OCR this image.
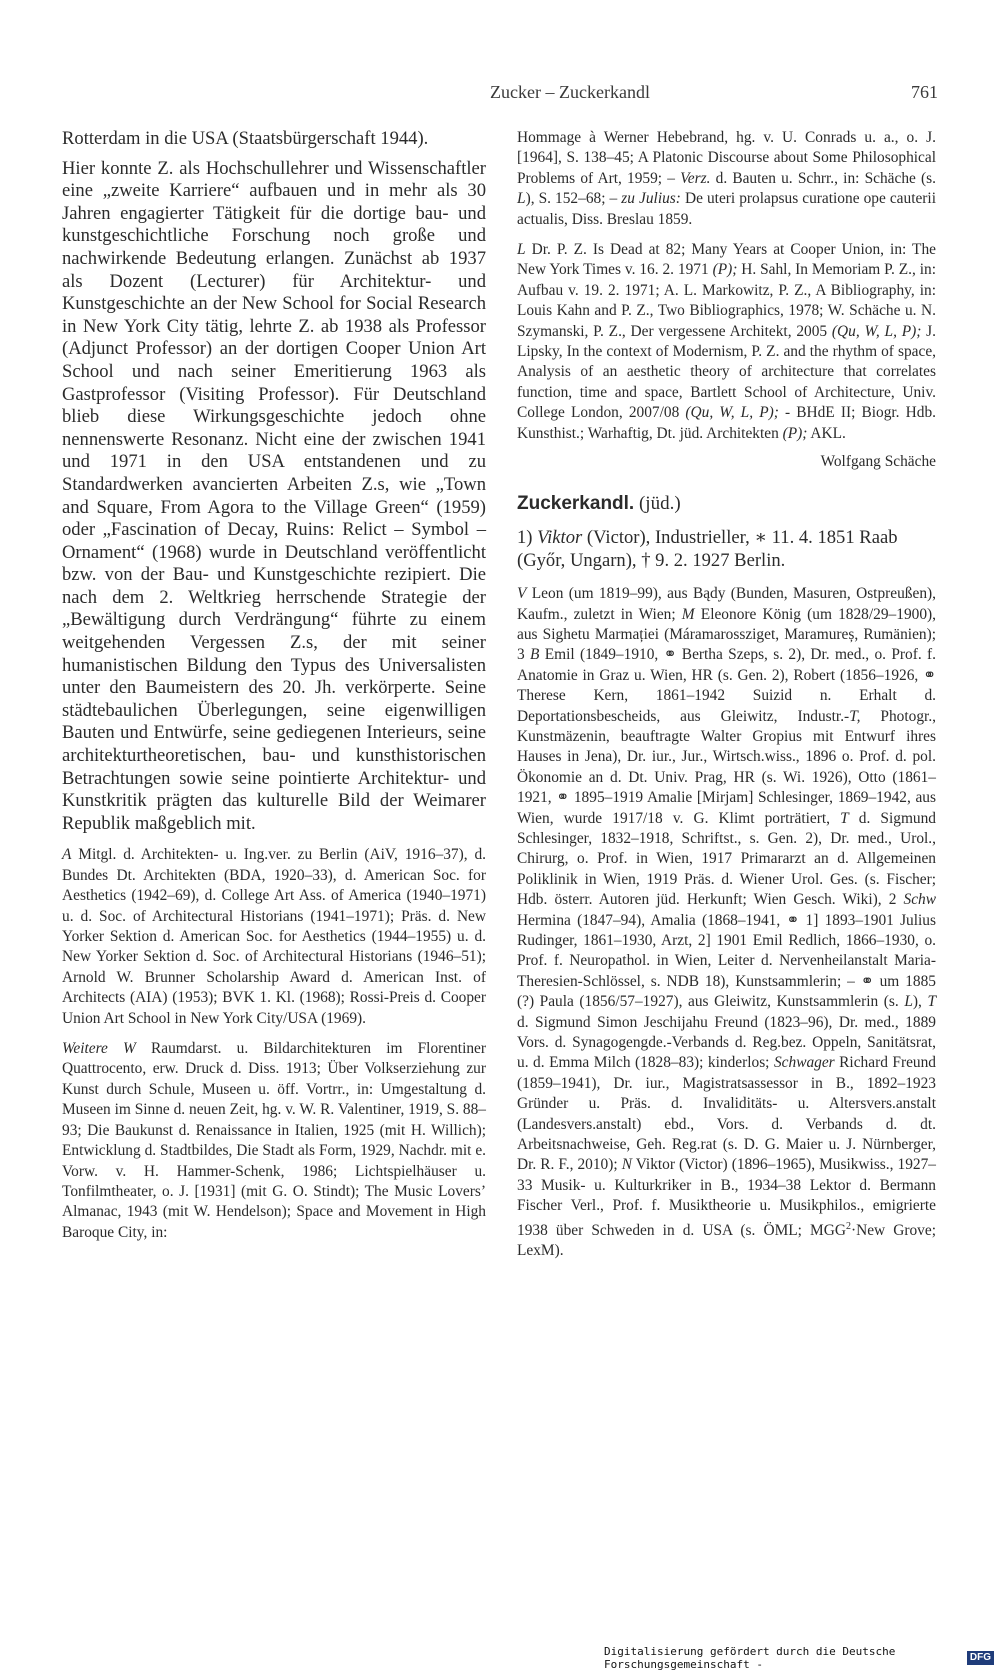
Zucker – Zuckerkandl	761

Rotterdam in die USA (Staatsbürgerschaft 1944).

Hier konnte Z. als Hochschullehrer und Wissenschaftler eine „zweite Karriere“ aufbauen und in mehr als 30 Jahren engagierter Tätigkeit für die dortige bau- und kunstgeschichtliche Forschung noch große und nachwirkende Bedeutung erlangen. Zunächst ab 1937 als Dozent (Lecturer) für Architektur- und Kunstgeschichte an der New School for Social Research in New York City tätig, lehrte Z. ab 1938 als Professor (Adjunct Professor) an der dortigen Cooper Union Art School und nach seiner Emeritierung 1963 als Gastprofessor (Visiting Professor). Für Deutschland blieb diese Wirkungsgeschichte jedoch ohne nennenswerte Resonanz. Nicht eine der zwischen 1941 und 1971 in den USA entstandenen und zu Standardwerken avancierten Arbeiten Z.s, wie „Town and Square, From Agora to the Village Green“ (1959) oder „Fascination of Decay, Ruins: Relict – Symbol – Ornament“ (1968) wurde in Deutschland veröffentlicht bzw. von der Bau- und Kunstgeschichte rezipiert. Die nach dem 2. Weltkrieg herrschende Strategie der „Bewältigung durch Verdrängung“ führte zu einem weitgehenden Vergessen Z.s, der mit seiner humanistischen Bildung den Typus des Universalisten unter den Baumeistern des 20. Jh. verkörperte. Seine städtebaulichen Überlegungen, seine eigenwilligen Bauten und Entwürfe, seine gediegenen Interieurs, seine architekturtheoretischen, bau- und kunsthistorischen Betrachtungen sowie seine pointierte Architektur- und Kunstkritik prägten das kulturelle Bild der Weimarer Republik maßgeblich mit.

A Mitgl. d. Architekten- u. Ing.ver. zu Berlin (AiV, 1916–37), d. Bundes Dt. Architekten (BDA, 1920–33), d. American Soc. for Aesthetics (1942–69), d. College Art Ass. of America (1940–1971) u. d. Soc. of Architectural Historians (1941–1971); Präs. d. New Yorker Sektion d. American Soc. for Aesthetics (1944–1955) u. d. New Yorker Sektion d. Soc. of Architectural Historians (1946–51); Arnold W. Brunner Scholarship Award d. American Inst. of Architects (AIA) (1953); BVK 1. Kl. (1968); Rossi-Preis d. Cooper Union Art School in New York City/USA (1969).

Weitere W Raumdarst. u. Bildarchitekturen im Florentiner Quattrocento, erw. Druck d. Diss. 1913; Über Volkserziehung zur Kunst durch Schule, Museen u. öff. Vortrr., in: Umgestaltung d. Museen im Sinne d. neuen Zeit, hg. v. W. R. Valentiner, 1919, S. 88–93; Die Baukunst d. Renaissance in Italien, 1925 (mit H. Willich); Entwicklung d. Stadtbildes, Die Stadt als Form, 1929, Nachdr. mit e. Vorw. v. H. Hammer-Schenk, 1986; Lichtspielhäuser u. Tonfilmtheater, o. J. [1931] (mit G. O. Stindt); The Music Lovers’ Almanac, 1943 (mit W. Hendelson); Space and Movement in High Baroque City, in:

Hommage à Werner Hebebrand, hg. v. U. Conrads u. a., o. J. [1964], S. 138–45; A Platonic Discourse about Some Philosophical Problems of Art, 1959; – Verz. d. Bauten u. Schrr., in: Schäche (s. L), S. 152–68; – zu Julius: De uteri prolapsus curatione ope cauterii actualis, Diss. Breslau 1859.

L Dr. P. Z. Is Dead at 82; Many Years at Cooper Union, in: The New York Times v. 16. 2. 1971 (P); H. Sahl, In Memoriam P. Z., in: Aufbau v. 19. 2. 1971; A. L. Markowitz, P. Z., A Bibliography, in: Louis Kahn and P. Z., Two Bibliographics, 1978; W. Schäche u. N. Szymanski, P. Z., Der vergessene Architekt, 2005 (Qu, W, L, P); J. Lipsky, In the context of Modernism, P. Z. and the rhythm of space, Analysis of an aesthetic theory of architecture that correlates function, time and space, Bartlett School of Architecture, Univ. College London, 2007/08 (Qu, W, L, P); - BHdE II; Biogr. Hdb. Kunsthist.; Warhaftig, Dt. jüd. Architekten (P); AKL.

Wolfgang Schäche

Zuckerkandl. (jüd.)

1) Viktor (Victor), Industrieller, ∗ 11. 4. 1851 Raab (Győr, Ungarn), † 9. 2. 1927 Berlin.

V Leon (um 1819–99), aus Bądy (Bunden, Masuren, Ostpreußen), Kaufm., zuletzt in Wien; M Eleonore König (um 1828/29–1900), aus Sighetu Marmației (Máramarossziget, Maramureș, Rumänien); 3 B Emil (1849–1910, ⚭ Bertha Szeps, s. 2), Dr. med., o. Prof. f. Anatomie in Graz u. Wien, HR (s. Gen. 2), Robert (1856–1926, ⚭ Therese Kern, 1861–1942 Suizid n. Erhalt d. Deportationsbescheids, aus Gleiwitz, Industr.-T, Photogr., Kunstmäzenin, beauftragte Walter Gropius mit Entwurf ihres Hauses in Jena), Dr. iur., Jur., Wirtsch.wiss., 1896 o. Prof. d. pol. Ökonomie an d. Dt. Univ. Prag, HR (s. Wi. 1926), Otto (1861–1921, ⚭ 1895–1919 Amalie [Mirjam] Schlesinger, 1869–1942, aus Wien, wurde 1917/18 v. G. Klimt porträtiert, T d. Sigmund Schlesinger, 1832–1918, Schriftst., s. Gen. 2), Dr. med., Urol., Chirurg, o. Prof. in Wien, 1917 Primararzt an d. Allgemeinen Poliklinik in Wien, 1919 Präs. d. Wiener Urol. Ges. (s. Fischer; Hdb. österr. Autoren jüd. Herkunft; Wien Gesch. Wiki), 2 Schw Hermina (1847–94), Amalia (1868–1941, ⚭ 1] 1893–1901 Julius Rudinger, 1861–1930, Arzt, 2] 1901 Emil Redlich, 1866–1930, o. Prof. f. Neuropathol. in Wien, Leiter d. Nervenheilanstalt Maria-Theresien-Schlössel, s. NDB 18), Kunstsammlerin; – ⚭ um 1885 (?) Paula (1856/57–1927), aus Gleiwitz, Kunstsammlerin (s. L), T d. Sigmund Simon Jeschijahu Freund (1823–96), Dr. med., 1889 Vors. d. Synagogengde.-Verbands d. Reg.bez. Oppeln, Sanitätsrat, u. d. Emma Milch (1828–83); kinderlos; Schwager Richard Freund (1859–1941), Dr. iur., Magistratsassessor in B., 1892–1923 Gründer u. Präs. d. Invaliditäts- u. Altersvers.anstalt (Landesvers.anstalt) ebd., Vors. d. Verbands d. dt. Arbeitsnachweise, Geh. Reg.rat (s. D. G. Maier u. J. Nürnberger, Dr. R. F., 2010); N Viktor (Victor) (1896–1965), Musikwiss., 1927–33 Musik- u. Kulturkriker in B., 1934–38 Lektor d. Bermann Fischer Verl., Prof. f. Musiktheorie u. Musikphilos., emigrierte 1938 über Schweden in d. USA (s. ÖML; $MGG^2\cdot New$ Grove; LexM).

Digitalisierung gefördert durch die Deutsche Forschungsgemeinschaft -
DFG
